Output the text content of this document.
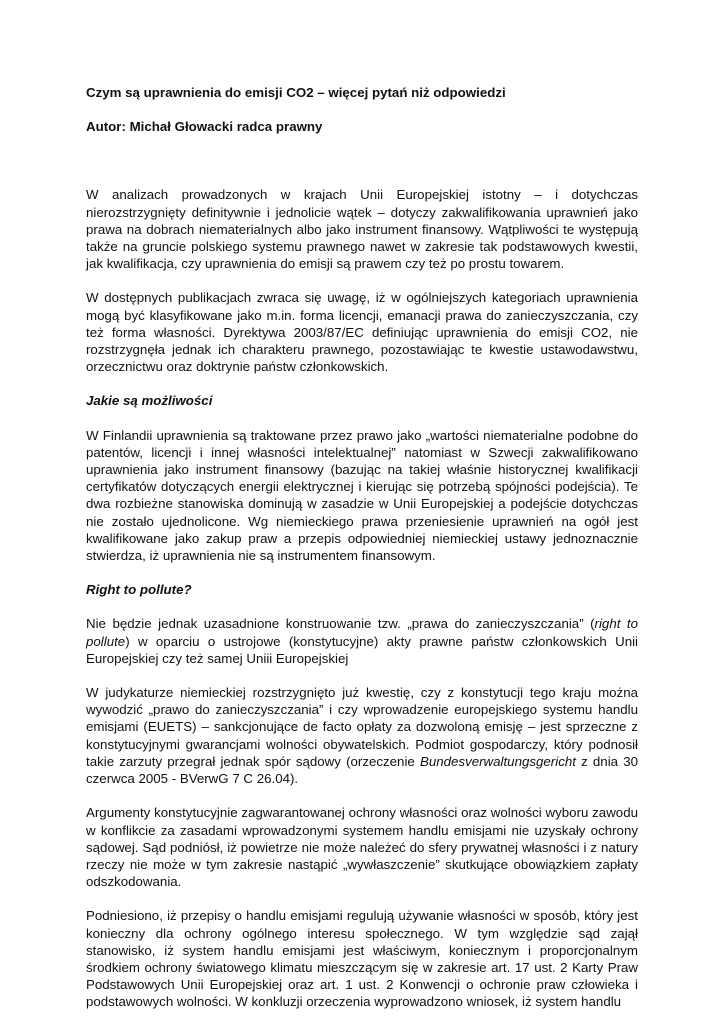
Czym są uprawnienia do emisji CO2 – więcej pytań niż odpowiedzi

Autor: Michał Głowacki radca prawny

W analizach prowadzonych w krajach Unii Europejskiej istotny – i dotychczas nierozstrzygnięty definitywnie i jednolicie wątek – dotyczy zakwalifikowania uprawnień jako prawa na dobrach niematerialnych albo jako instrument finansowy. Wątpliwości te występują także na gruncie polskiego systemu prawnego nawet w zakresie tak podstawowych kwestii, jak kwalifikacja, czy uprawnienia do emisji są prawem czy też po prostu towarem.

W dostępnych publikacjach zwraca się uwagę, iż w ogólniejszych kategoriach uprawnienia mogą być klasyfikowane jako m.in. forma licencji, emanacji prawa do zanieczyszczania, czy też forma własności. Dyrektywa 2003/87/EC definiując uprawnienia do emisji CO2, nie rozstrzygnęła jednak ich charakteru prawnego, pozostawiając te kwestie ustawodawstwu, orzecznictwu oraz doktrynie państw członkowskich.

Jakie są możliwości

W Finlandii uprawnienia są traktowane przez prawo jako „wartości niematerialne podobne do patentów, licencji i innej własności intelektualnej” natomiast w Szwecji zakwalifikowano uprawnienia jako instrument finansowy (bazując na takiej właśnie historycznej kwalifikacji certyfikatów dotyczących energii elektrycznej i kierując się potrzebą spójności podejścia). Te dwa rozbieżne stanowiska dominują w zasadzie w Unii Europejskiej a podejście dotychczas nie zostało ujednolicone. Wg niemieckiego prawa przeniesienie uprawnień na ogół jest kwalifikowane jako zakup praw a przepis odpowiedniej niemieckiej ustawy jednoznacznie stwierdza, iż uprawnienia nie są instrumentem finansowym.

Right to pollute?

Nie będzie jednak uzasadnione konstruowanie tzw. „prawa do zanieczyszczania” (right to pollute) w oparciu o ustrojowe (konstytucyjne) akty prawne państw członkowskich Unii Europejskiej czy też samej Uniii Europejskiej

W judykaturze niemieckiej rozstrzygnięto już kwestię, czy z konstytucji tego kraju można wywodzić „prawo do zanieczyszczania” i czy wprowadzenie europejskiego systemu handlu emisjami (EUETS) – sankcjonujące de facto opłaty za dozwoloną emisję – jest sprzeczne z konstytucyjnymi gwarancjami wolności obywatelskich. Podmiot gospodarczy, który podnosił takie zarzuty przegrał jednak spór sądowy (orzeczenie Bundesverwaltungsgericht z dnia 30 czerwca 2005 - BVerwG 7 C 26.04).

Argumenty konstytucyjnie zagwarantowanej ochrony własności oraz wolności wyboru zawodu w konflikcie za zasadami wprowadzonymi systemem handlu emisjami nie uzyskały ochrony sądowej. Sąd podniósł, iż powietrze nie może należeć do sfery prywatnej własności i z natury rzeczy nie może w tym zakresie nastąpić „wywłaszczenie” skutkujące obowiązkiem zapłaty odszkodowania.

Podniesiono, iż przepisy o handlu emisjami regulują używanie własności w sposób, który jest konieczny dla ochrony ogólnego interesu społecznego. W tym względzie sąd zajął stanowisko, iż system handlu emisjami jest właściwym, koniecznym i proporcjonalnym środkiem ochrony światowego klimatu mieszczącym się w zakresie art. 17 ust. 2 Karty Praw Podstawowych Unii Europejskiej oraz art. 1 ust. 2 Konwencji o ochronie praw człowieka i podstawowych wolności. W konkluzji orzeczenia wyprowadzono wniosek, iż system handlu
